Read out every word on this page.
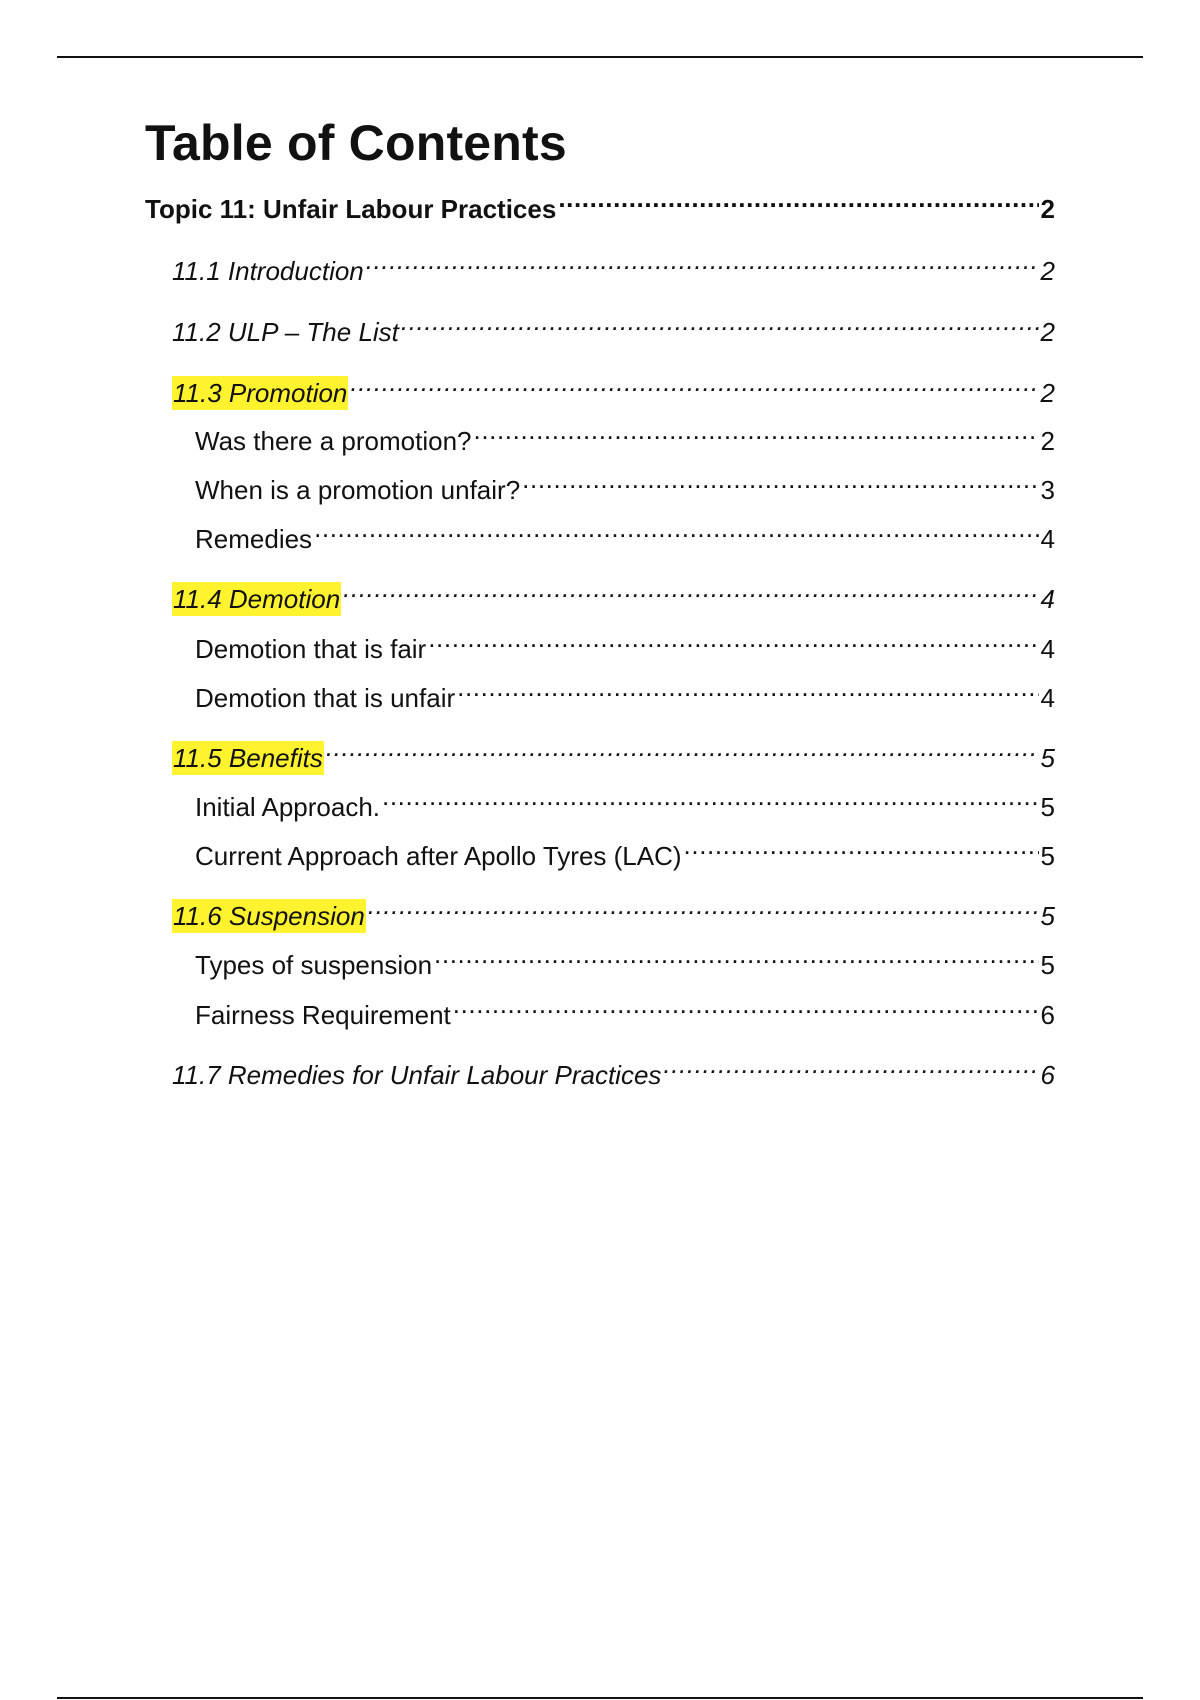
Table of Contents
Topic 11: Unfair Labour Practices .....	2
11.1 Introduction .....	2
11.2 ULP – The List .....	2
11.3 Promotion .....	2
Was there a promotion? .....	2
When is a promotion unfair? .....	3
Remedies .....	4
11.4 Demotion .....	4
Demotion that is fair .....	4
Demotion that is unfair .....	4
11.5 Benefits .....	5
Initial Approach. .....	5
Current Approach after Apollo Tyres (LAC) .....	5
11.6 Suspension .....	5
Types of suspension .....	5
Fairness Requirement .....	6
11.7 Remedies for Unfair Labour Practices .....	6
